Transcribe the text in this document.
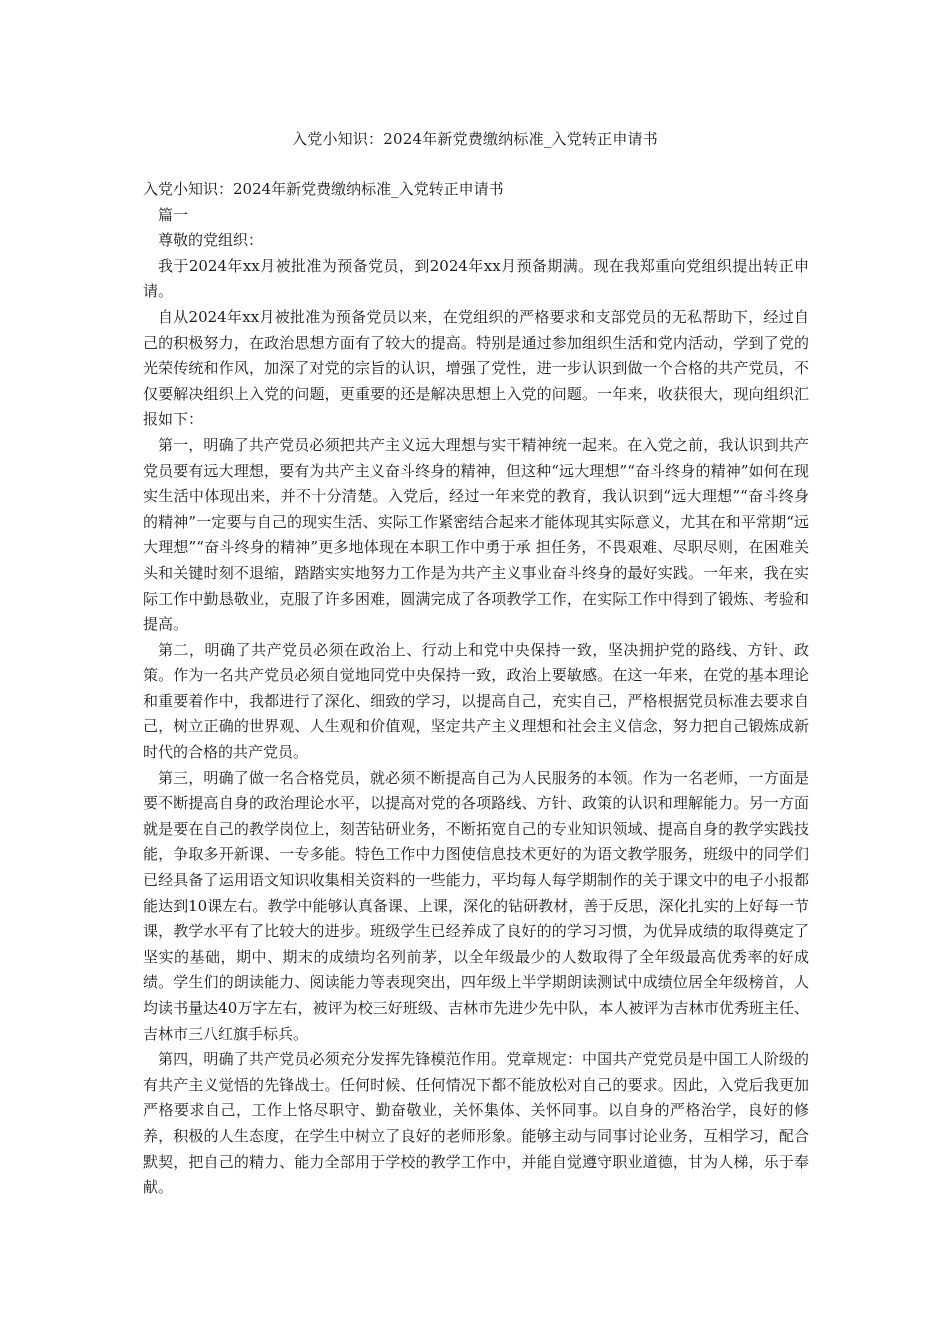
入党小知识：2024年新党费缴纳标准_入党转正申请书

入党小知识：2024年新党费缴纳标准_入党转正申请书

篇一

尊敬的党组织：

我于2024年xx月被批准为预备党员，到2024年xx月预备期满。现在我郑重向党组织提出转正申请。

自从2024年xx月被批准为预备党员以来，在党组织的严格要求和支部党员的无私帮助下，经过自己的积极努力，在政治思想方面有了较大的提高。特别是通过参加组织生活和党内活动，学到了党的光荣传统和作风，加深了对党的宗旨的认识，增强了党性，进一步认识到做一个合格的共产党员，不仅要解决组织上入党的问题，更重要的还是解决思想上入党的问题。一年来，收获很大，现向组织汇报如下：

第一，明确了共产党员必须把共产主义远大理想与实干精神统一起来。在入党之前，我认识到共产党员要有远大理想，要有为共产主义奋斗终身的精神，但这种“远大理想”“奋斗终身的精神”如何在现实生活中体现出来，并不十分清楚。入党后，经过一年来党的教育，我认识到“远大理想”“奋斗终身的精神”一定要与自己的现实生活、实际工作紧密结合起来才能体现其实际意义，尤其在和平常期“远大理想”“奋斗终身的精神”更多地体现在本职工作中勇于承 担任务，不畏艰难、尽职尽则，在困难关头和关键时刻不退缩，踏踏实实地努力工作是为共产主义事业奋斗终身的最好实践。一年来，我在实际工作中勤恳敬业，克服了许多困难，圆满完成了各项教学工作，在实际工作中得到了锻炼、考验和提高。

第二，明确了共产党员必须在政治上、行动上和党中央保持一致，坚决拥护党的路线、方针、政策。作为一名共产党员必须自觉地同党中央保持一致，政治上要敏感。在这一年来，在党的基本理论和重要着作中，我都进行了深化、细致的学习，以提高自己，充实自己，严格根据党员标准去要求自己，树立正确的世界观、人生观和价值观，坚定共产主义理想和社会主义信念，努力把自己锻炼成新时代的合格的共产党员。

第三，明确了做一名合格党员，就必须不断提高自己为人民服务的本领。作为一名老师，一方面是要不断提高自身的政治理论水平，以提高对党的各项路线、方针、政策的认识和理解能力。另一方面就是要在自己的教学岗位上，刻苦钻研业务，不断拓宽自己的专业知识领域、提高自身的教学实践技能，争取多开新课、一专多能。特色工作中力图使信息技术更好的为语文教学服务，班级中的同学们已经具备了运用语文知识收集相关资料的一些能力，平均每人每学期制作的关于课文中的电子小报都能达到10课左右。教学中能够认真备课、上课，深化的钻研教材，善于反思，深化扎实的上好每一节课，教学水平有了比较大的进步。班级学生已经养成了良好的的学习习惯，为优异成绩的取得奠定了坚实的基础，期中、期末的成绩均名列前茅，以全年级最少的人数取得了全年级最高优秀率的好成绩。学生们的朗读能力、阅读能力等表现突出，四年级上半学期朗读测试中成绩位居全年级榜首，人均读书量达40万字左右，被评为校三好班级、吉林市先进少先中队，本人被评为吉林市优秀班主任、吉林市三八红旗手标兵。

第四，明确了共产党员必须充分发挥先锋模范作用。党章规定：中国共产党党员是中国工人阶级的有共产主义觉悟的先锋战士。任何时候、任何情况下都不能放松对自己的要求。因此，入党后我更加严格要求自己，工作上恪尽职守、勤奋敬业，关怀集体、关怀同事。以自身的严格治学，良好的修养，积极的人生态度，在学生中树立了良好的老师形象。能够主动与同事讨论业务，互相学习，配合默契，把自己的精力、能力全部用于学校的教学工作中，并能自觉遵守职业道德，甘为人梯，乐于奉献。
